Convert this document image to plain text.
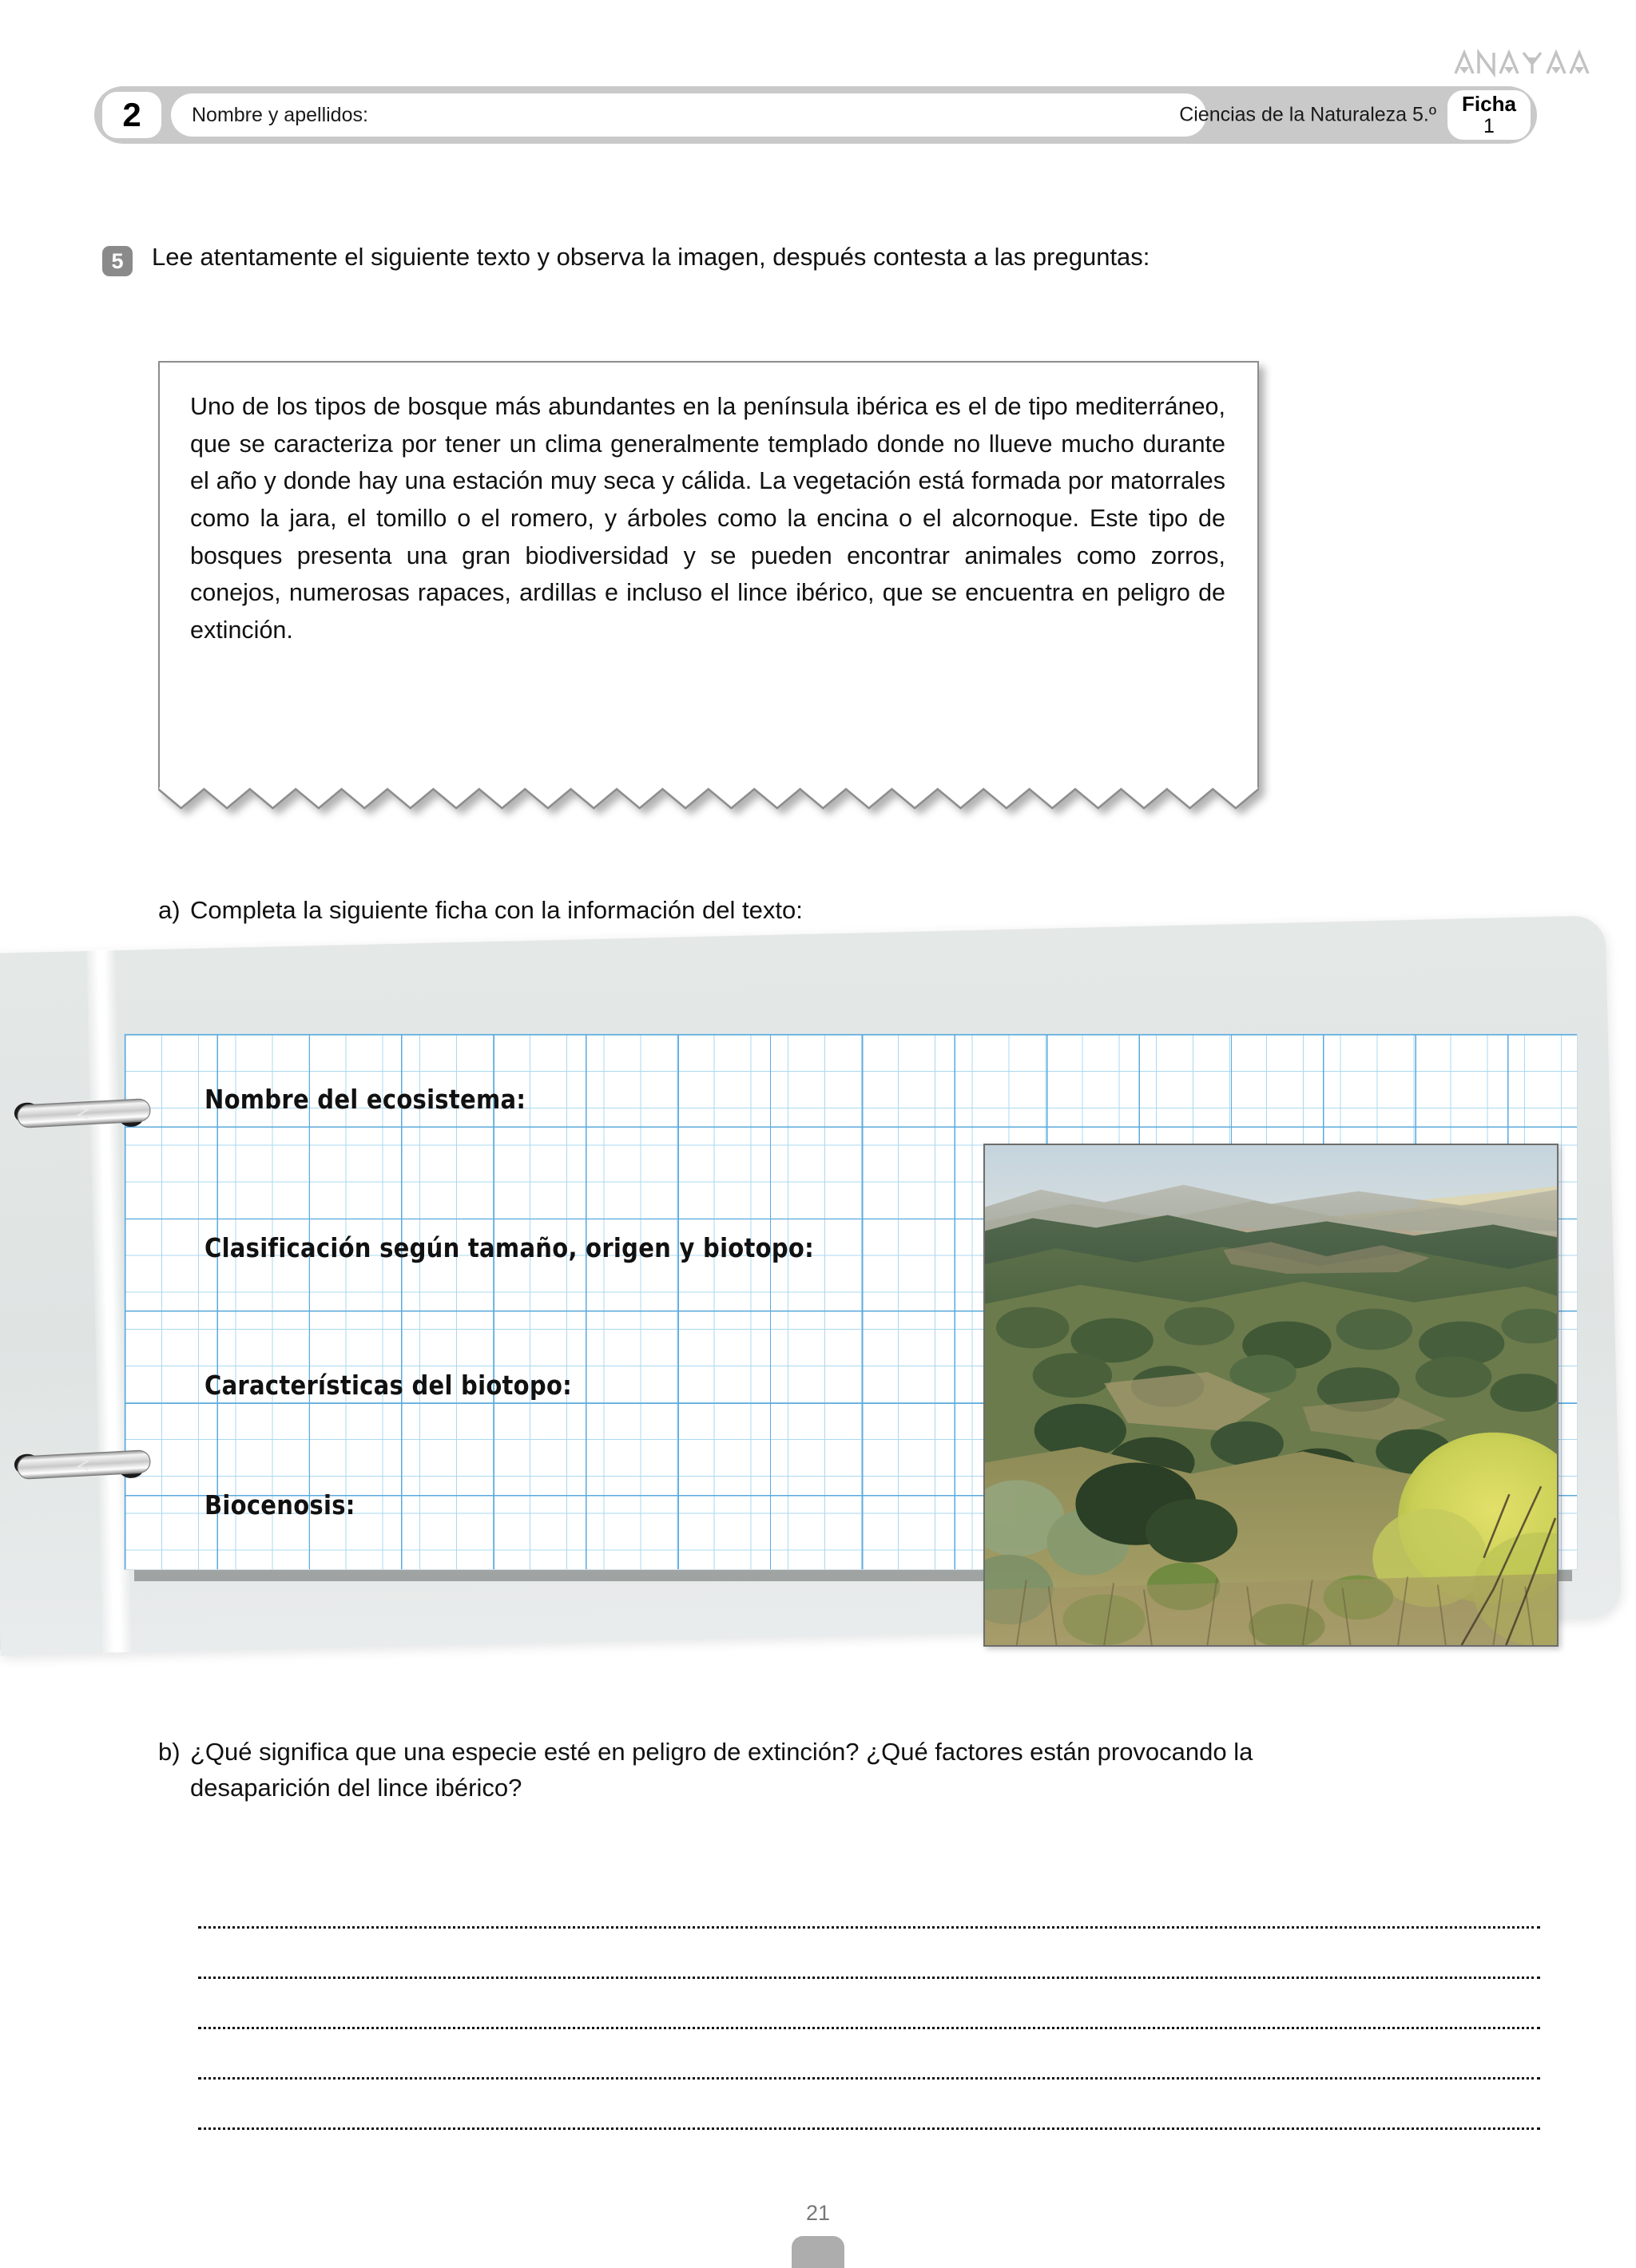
2	Nombre y apellidos:	Ciencias de la Naturaleza 5.º Ficha
1
5	Lee atentamente el siguiente texto y observa la imagen, después contesta a las preguntas:
Uno de los tipos de bosque más abundantes en la península ibérica es el de tipo mediterráneo, que se caracteriza por tener un clima generalmente templado donde no llueve mucho durante el año y donde hay una estación muy seca y cálida. La vegetación está formada por matorrales como la jara, el tomillo o el romero, y árboles como la encina o el alcornoque. Este tipo de bosques presenta una gran biodiversidad y se pueden encontrar animales como zorros, conejos, numerosas rapaces, ardillas e incluso el lince ibérico, que se encuentra en peligro de extinción.
a) Completa la siguiente ficha con la información del texto:
Nombre del ecosistema:
Clasificación según tamaño, origen y biotopo:
Características del biotopo:
Biocenosis:
b) ¿Qué significa que una especie esté en peligro de extinción? ¿Qué factores están provocando la desaparición del lince ibérico?
21
